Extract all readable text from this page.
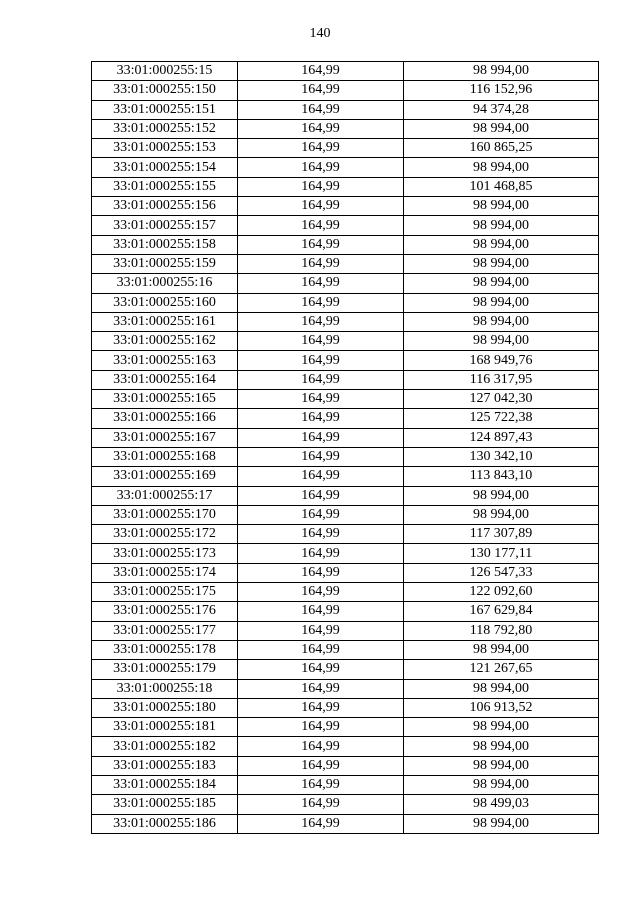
140
33:01:000255:15	164,99	98 994,00
33:01:000255:150	164,99	116 152,96
33:01:000255:151	164,99	94 374,28
33:01:000255:152	164,99	98 994,00
33:01:000255:153	164,99	160 865,25
33:01:000255:154	164,99	98 994,00
33:01:000255:155	164,99	101 468,85
33:01:000255:156	164,99	98 994,00
33:01:000255:157	164,99	98 994,00
33:01:000255:158	164,99	98 994,00
33:01:000255:159	164,99	98 994,00
33:01:000255:16	164,99	98 994,00
33:01:000255:160	164,99	98 994,00
33:01:000255:161	164,99	98 994,00
33:01:000255:162	164,99	98 994,00
33:01:000255:163	164,99	168 949,76
33:01:000255:164	164,99	116 317,95
33:01:000255:165	164,99	127 042,30
33:01:000255:166	164,99	125 722,38
33:01:000255:167	164,99	124 897,43
33:01:000255:168	164,99	130 342,10
33:01:000255:169	164,99	113 843,10
33:01:000255:17	164,99	98 994,00
33:01:000255:170	164,99	98 994,00
33:01:000255:172	164,99	117 307,89
33:01:000255:173	164,99	130 177,11
33:01:000255:174	164,99	126 547,33
33:01:000255:175	164,99	122 092,60
33:01:000255:176	164,99	167 629,84
33:01:000255:177	164,99	118 792,80
33:01:000255:178	164,99	98 994,00
33:01:000255:179	164,99	121 267,65
33:01:000255:18	164,99	98 994,00
33:01:000255:180	164,99	106 913,52
33:01:000255:181	164,99	98 994,00
33:01:000255:182	164,99	98 994,00
33:01:000255:183	164,99	98 994,00
33:01:000255:184	164,99	98 994,00
33:01:000255:185	164,99	98 499,03
33:01:000255:186	164,99	98 994,00
